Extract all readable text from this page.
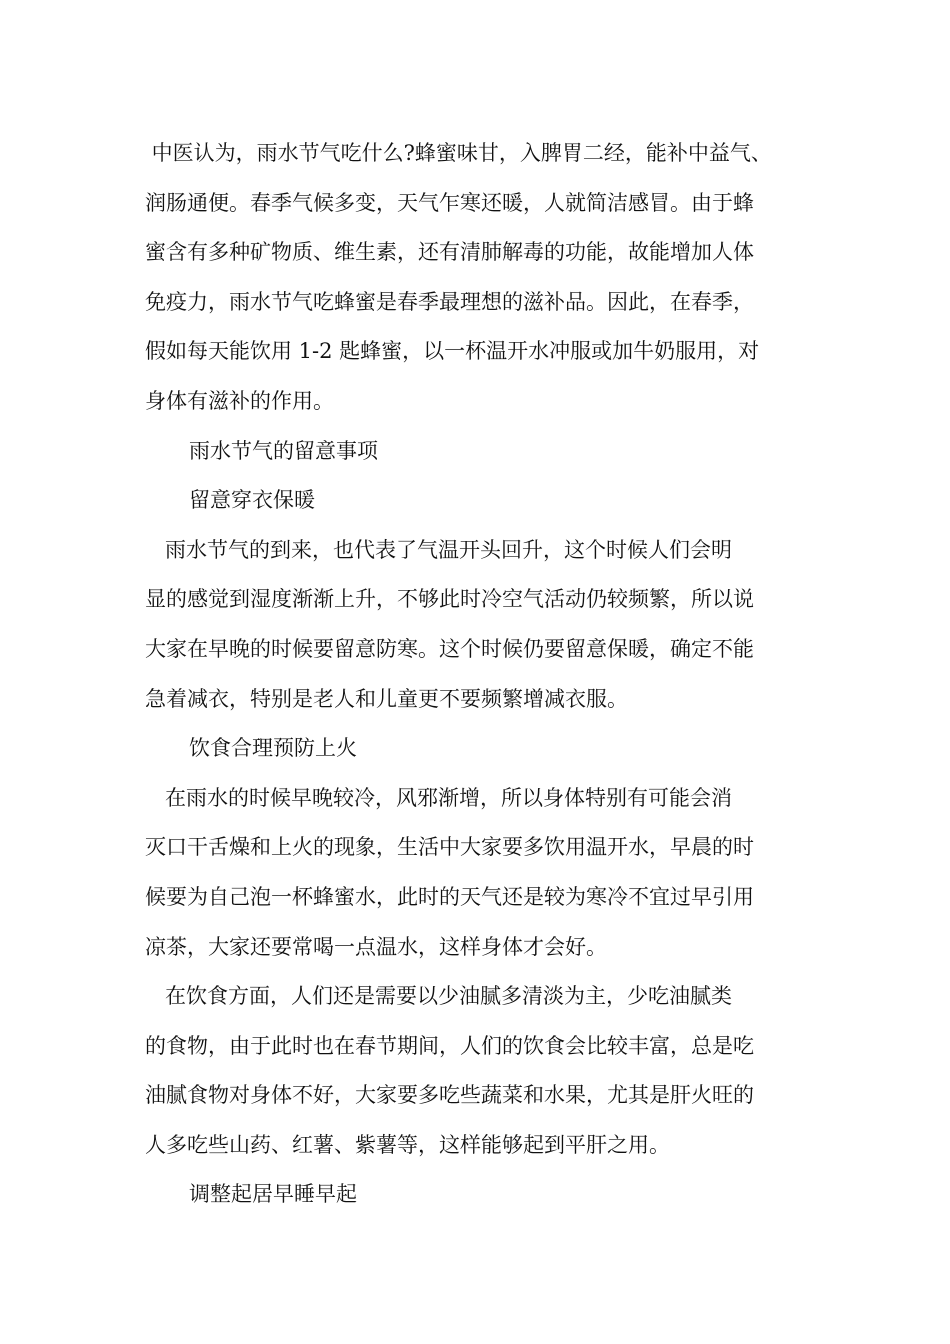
中医认为，雨水节气吃什么?蜂蜜味甘，入脾胃二经，能补中益气、
润肠通便。春季气候多变，天气乍寒还暖，人就简洁感冒。由于蜂
蜜含有多种矿物质、维生素，还有清肺解毒的功能，故能增加人体
免疫力，雨水节气吃蜂蜜是春季最理想的滋补品。因此，在春季，
假如每天能饮用 1-2 匙蜂蜜，以一杯温开水冲服或加牛奶服用，对
身体有滋补的作用。
雨水节气的留意事项
留意穿衣保暖
雨水节气的到来，也代表了气温开头回升，这个时候人们会明
显的感觉到湿度渐渐上升，不够此时冷空气活动仍较频繁，所以说
大家在早晚的时候要留意防寒。这个时候仍要留意保暖，确定不能
急着减衣，特别是老人和儿童更不要频繁增减衣服。
饮食合理预防上火
在雨水的时候早晚较冷，风邪渐增，所以身体特别有可能会消
灭口干舌燥和上火的现象，生活中大家要多饮用温开水，早晨的时
候要为自己泡一杯蜂蜜水，此时的天气还是较为寒冷不宜过早引用
凉茶，大家还要常喝一点温水，这样身体才会好。
在饮食方面，人们还是需要以少油腻多清淡为主，少吃油腻类
的食物，由于此时也在春节期间，人们的饮食会比较丰富，总是吃
油腻食物对身体不好，大家要多吃些蔬菜和水果，尤其是肝火旺的
人多吃些山药、红薯、紫薯等，这样能够起到平肝之用。
调整起居早睡早起
